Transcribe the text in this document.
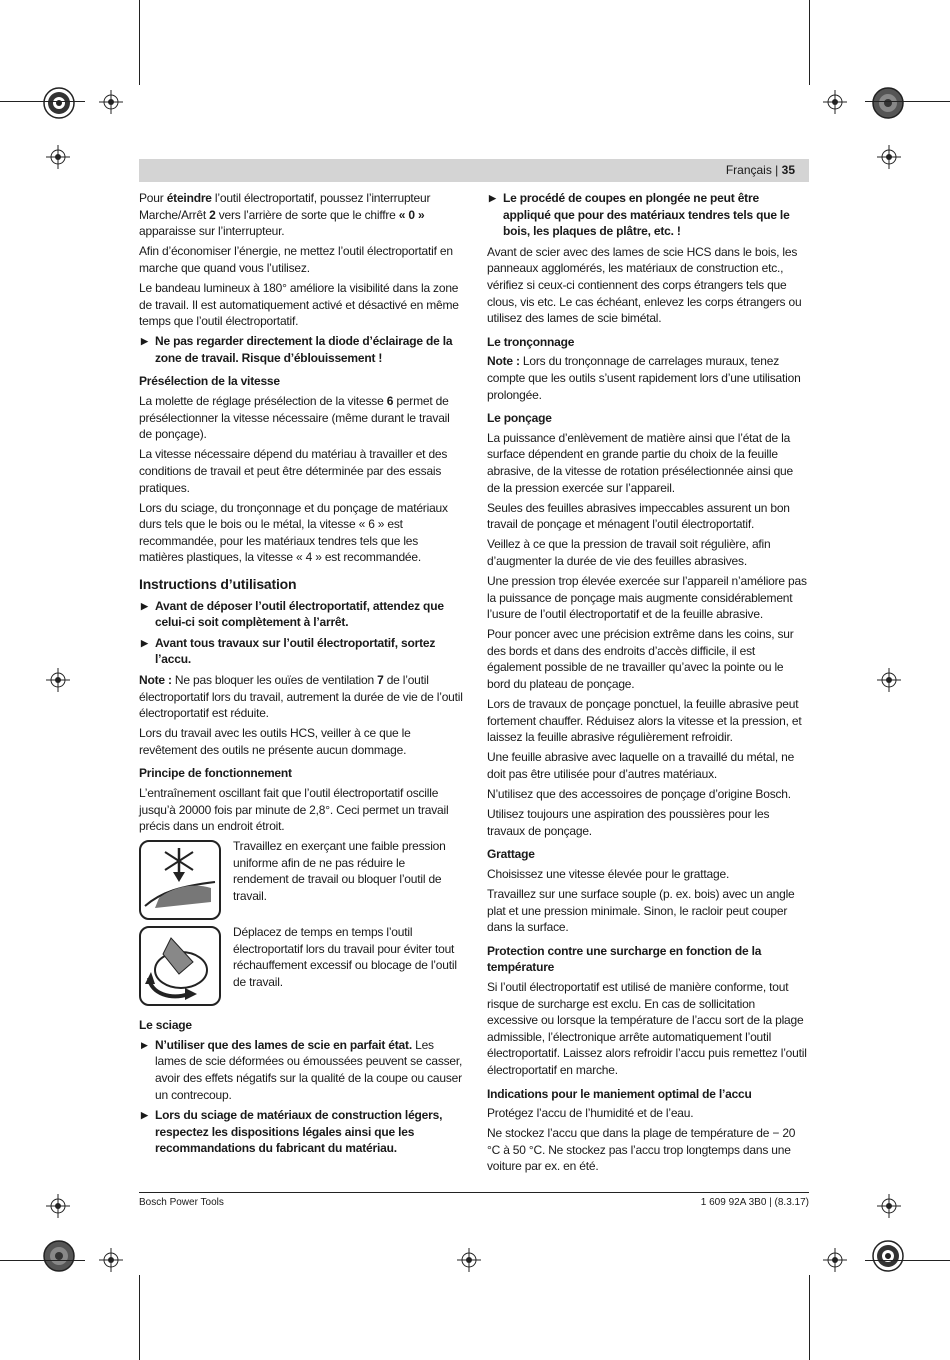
Français | 35

Pour éteindre l’outil électroportatif, poussez l’interrupteur Marche/Arrêt 2 vers l’arrière de sorte que le chiffre « 0 » apparaisse sur l’interrupteur.

Afin d’économiser l’énergie, ne mettez l’outil électroportatif en marche que quand vous l’utilisez.

Le bandeau lumineux à 180° améliore la visibilité dans la zone de travail. Il est automatiquement activé et désactivé en même temps que l’outil électroportatif.

▶ Ne pas regarder directement la diode d’éclairage de la zone de travail. Risque d’éblouissement !
Présélection de la vitesse

La molette de réglage présélection de la vitesse 6 permet de présélectionner la vitesse nécessaire (même durant le travail de ponçage).

La vitesse nécessaire dépend du matériau à travailler et des conditions de travail et peut être déterminée par des essais pratiques.

Lors du sciage, du tronçonnage et du ponçage de matériaux durs tels que le bois ou le métal, la vitesse « 6 » est recommandée, pour les matériaux tendres tels que les matières plastiques, la vitesse « 4 » est recommandée.

Instructions d’utilisation
▶ Avant de déposer l’outil électroportatif, attendez que celui-ci soit complètement à l’arrêt.
▶ Avant tous travaux sur l’outil électroportatif, sortez l’accu.

Note : Ne pas bloquer les ouïes de ventilation 7 de l’outil électroportatif lors du travail, autrement la durée de vie de l’outil électroportatif est réduite.

Lors du travail avec les outils HCS, veiller à ce que le revêtement des outils ne présente aucun dommage.

Principe de fonctionnement

L’entraînement oscillant fait que l’outil électroportatif oscille jusqu’à 20000 fois par minute de 2,8°. Ceci permet un travail précis dans un endroit étroit.

Travaillez en exerçant une faible pression uniforme afin de ne pas réduire le rendement de travail ou bloquer l’outil de travail.
Déplacez de temps en temps l’outil électroportatif lors du travail pour éviter tout réchauffement excessif ou blocage de l’outil de travail.
Le sciage
▶ N’utiliser que des lames de scie en parfait état. Les lames de scie déformées ou émoussées peuvent se casser, avoir des effets négatifs sur la qualité de la coupe ou causer un contrecoup.
▶ Lors du sciage de matériaux de construction légers, respectez les dispositions légales ainsi que les recommandations du fabricant du matériau.
▶ Le procédé de coupes en plongée ne peut être appliqué que pour des matériaux tendres tels que le bois, les plaques de plâtre, etc. !

Avant de scier avec des lames de scie HCS dans le bois, les panneaux agglomérés, les matériaux de construction etc., vérifiez si ceux-ci contiennent des corps étrangers tels que clous, vis etc. Le cas échéant, enlevez les corps étrangers ou utilisez des lames de scie bimétal.

Le tronçonnage

Note : Lors du tronçonnage de carrelages muraux, tenez compte que les outils s’usent rapidement lors d’une utilisation prolongée.

Le ponçage

La puissance d’enlèvement de matière ainsi que l’état de la surface dépendent en grande partie du choix de la feuille abrasive, de la vitesse de rotation présélectionnée ainsi que de la pression exercée sur l’appareil.

Seules des feuilles abrasives impeccables assurent un bon travail de ponçage et ménagent l’outil électroportatif.

Veillez à ce que la pression de travail soit régulière, afin d’augmenter la durée de vie des feuilles abrasives.

Une pression trop élevée exercée sur l’appareil n’améliore pas la puissance de ponçage mais augmente considérablement l’usure de l’outil électroportatif et de la feuille abrasive.

Pour poncer avec une précision extrême dans les coins, sur des bords et dans des endroits d’accès difficile, il est également possible de ne travailler qu’avec la pointe ou le bord du plateau de ponçage.

Lors de travaux de ponçage ponctuel, la feuille abrasive peut fortement chauffer. Réduisez alors la vitesse et la pression, et laissez la feuille abrasive régulièrement refroidir.

Une feuille abrasive avec laquelle on a travaillé du métal, ne doit pas être utilisée pour d’autres matériaux.

N’utilisez que des accessoires de ponçage d’origine Bosch.

Utilisez toujours une aspiration des poussières pour les travaux de ponçage.

Grattage

Choisissez une vitesse élevée pour le grattage.

Travaillez sur une surface souple (p. ex. bois) avec un angle plat et une pression minimale. Sinon, le racloir peut couper dans la surface.

Protection contre une surcharge en fonction de la température

Si l’outil électroportatif est utilisé de manière conforme, tout risque de surcharge est exclu. En cas de sollicitation excessive ou lorsque la température de l’accu sort de la plage admissible, l’électronique arrête automatiquement l’outil électroportatif. Laissez alors refroidir l’accu puis remettez l’outil électroportatif en marche.

Indications pour le maniement optimal de l’accu

Protégez l’accu de l’humidité et de l’eau.

Ne stockez l’accu que dans la plage de température de − 20 °C à 50 °C. Ne stockez pas l’accu trop longtemps dans une voiture par ex. en été.

Bosch Power Tools	1 609 92A 3B0 | (8.3.17)
